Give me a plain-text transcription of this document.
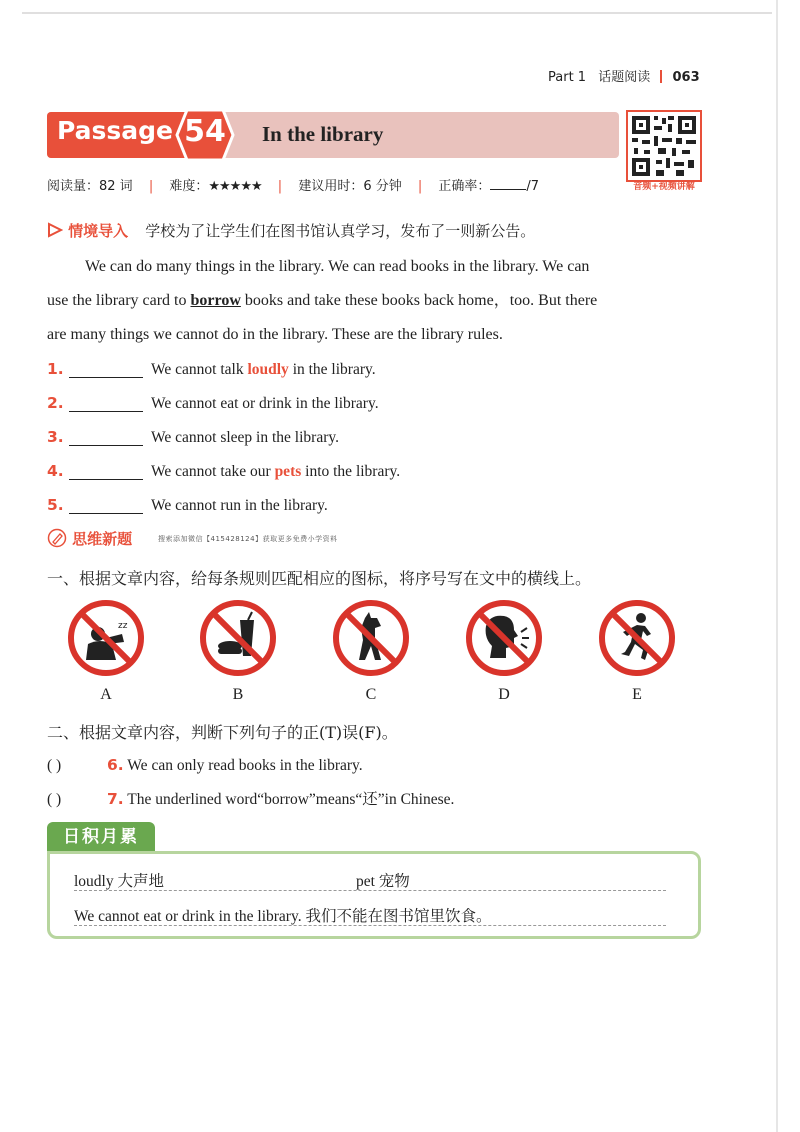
Part 1 话题阅读 063
Passage 54 In the library
音频+视频讲解
阅读量：82 词 | 难度：★★★★★ | 建议用时：6 分钟 | 正确率：	/7
情境导入 学校为了让学生们在图书馆认真学习，发布了一则新公告。
We can do many things in the library. We can read books in the library. We can
use the library card to borrow books and take these books back home，too. But there
are many things we cannot do in the library. These are the library rules.
1.	We cannot talk loudly in the library.
2.	We cannot eat or drink in the library.
3.	We cannot sleep in the library.
4.	We cannot take our pets into the library.
5.	We cannot run in the library.
思维新题	搜索添加微信【415428124】获取更多免费小学资料
一、根据文章内容，给每条规则匹配相应的图标，将序号写在文中的横线上。
zz
A	B	C	D	E
二、根据文章内容，判断下列句子的正(T)误(F)。
( )	6. We can only read books in the library.
( )	7. The underlined word“borrow”means“还”in Chinese.
日积月累
loudly 大声地	pet 宠物
We cannot eat or drink in the library. 我们不能在图书馆里饮食。
